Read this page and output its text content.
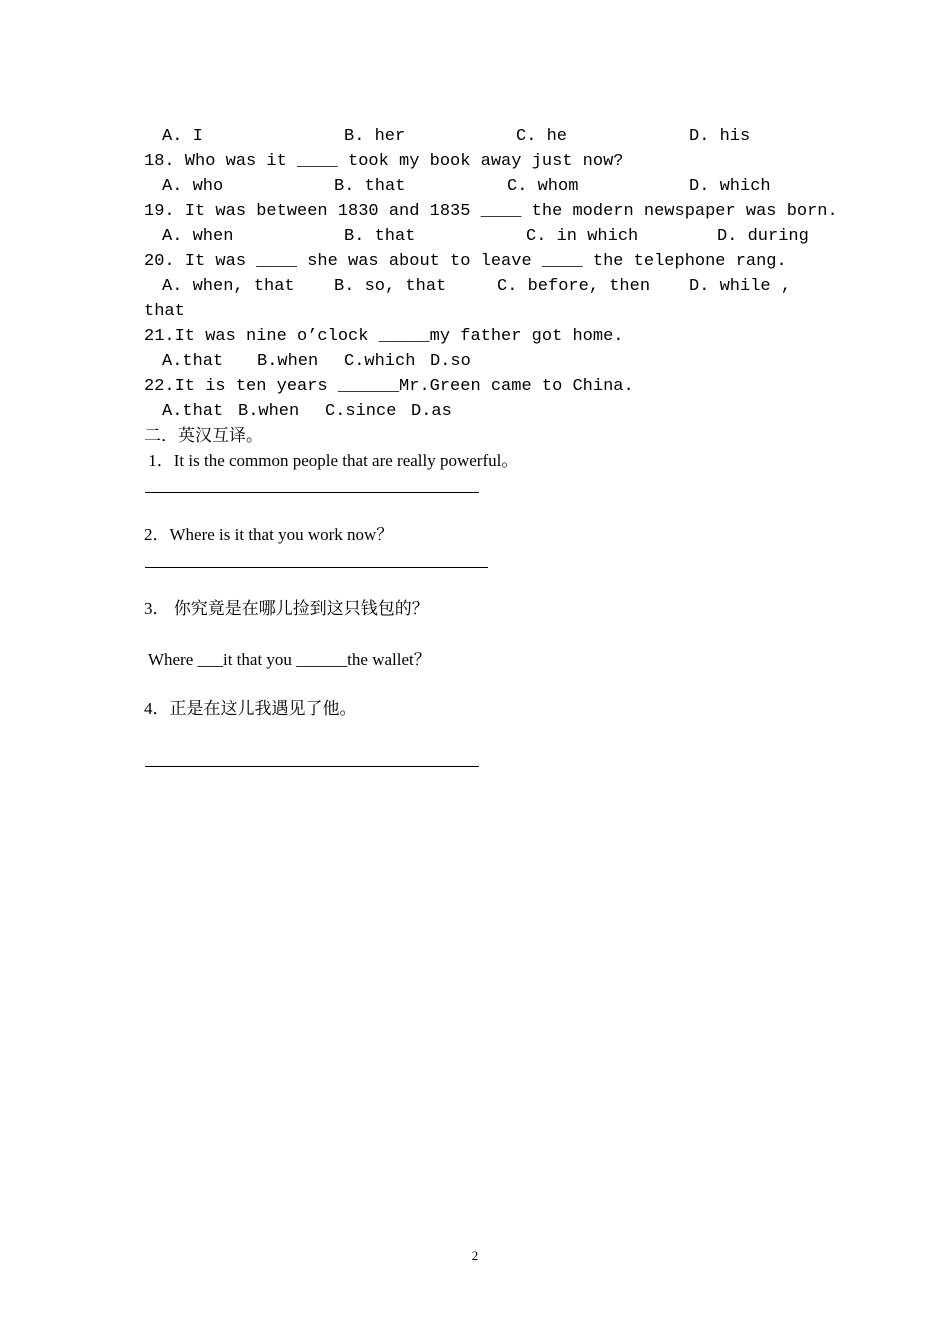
A. I

	B. her

	C. he

	D. his

18. Who was it ____ took my book away just now?

A. who

	B. that

	C. whom

	D. which

19. It was between 1830 and 1835 ____ the modern newspaper was born.

A. when

	B. that

	C. in which

	D. during

20. It was ____ she was about to leave ____ the telephone rang.

A. when, that

B. so, that

	C. before, then

D. while ,

that
21.It was nine o’clock _____my father got home.

A.that

B.when

C.which

D.so

22.It is ten years ______Mr.Green came to China.

A.that

B.when

C.since

D.as

二．英汉互译。
1．It is the common people that are really powerful。
2．Where is it that you work now？
3． 你究竟是在哪儿捡到这只钱包的？
Where ___it that you ______the wallet？
4．正是在这儿我遇见了他。
2
